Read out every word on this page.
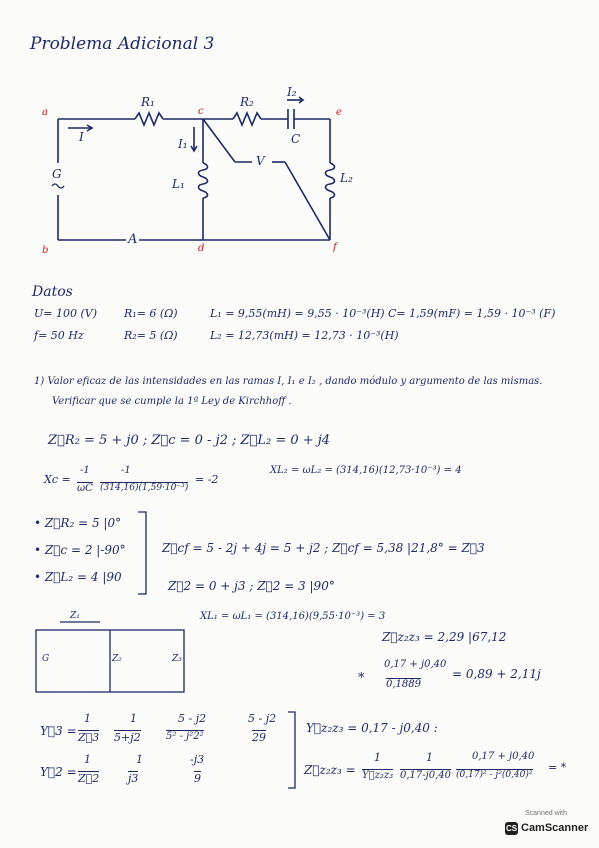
Problema Adicional 3
a
b
c
d
e
f
R₁	R₂
I₂
C
I	I₁
V
G
L₁	L₂
A
Datos
U= 100 (V) R₁= 6 (Ω)	L₁ = 9,55(mH) = 9,55 · 10⁻³(H) C= 1,59(mF) = 1,59 · 10⁻³ (F)
f= 50 Hz	R₂= 5 (Ω)	L₂ = 12,73(mH) = 12,73 · 10⁻³(H)
1) Valor eficaz de las intensidades en las ramas I, I₁ e I₂ , dando módulo y argumento de las mismas.
Verificar que se cumple la 1ª Ley de Kirchhoff .
Z⃗R₂ = 5 + j0 ; Z⃗c = 0 - j2 ; Z⃗L₂ = 0 + j4
Xc =
-1
ωC
-1
(314,16)(1,59·10⁻³)
= -2
XL₂ = ωL₂ = (314,16)(12,73·10⁻³) = 4
• Z⃗R₂ = 5 |0°
• Z⃗c = 2 |-90°
• Z⃗L₂ = 4 |90
Z⃗cf = 5 - 2j + 4j = 5 + j2 ; Z⃗cf = 5,38 |21,8° = Z⃗3
Z⃗2 = 0 + j3 ; Z⃗2 = 3 |90°
XL₁ = ωL₁ = (314,16)(9,55·10⁻³) = 3
Z⃗z₂z₃ = 2,29 |67,12
*
0,17 + j0,40
0,1889
= 0,89 + 2,11j
Z₁
G	Z₂	Z₃
Y⃗3 =
1
Z⃗3
1
5+j2
5 - j2
5² - j²2²
5 - j2
29
Y⃗2 =
1
Z⃗2
1
j3
-j3
9
Y⃗z₂z₃ = 0,17 - j0,40 :
Z⃗z₂z₃ =
1
Y⃗z₂z₃
1
0,17-j0,40
0,17 + j0,40
(0,17)² - j²(0,40)²
= *
Scanned with
CS CamScanner
